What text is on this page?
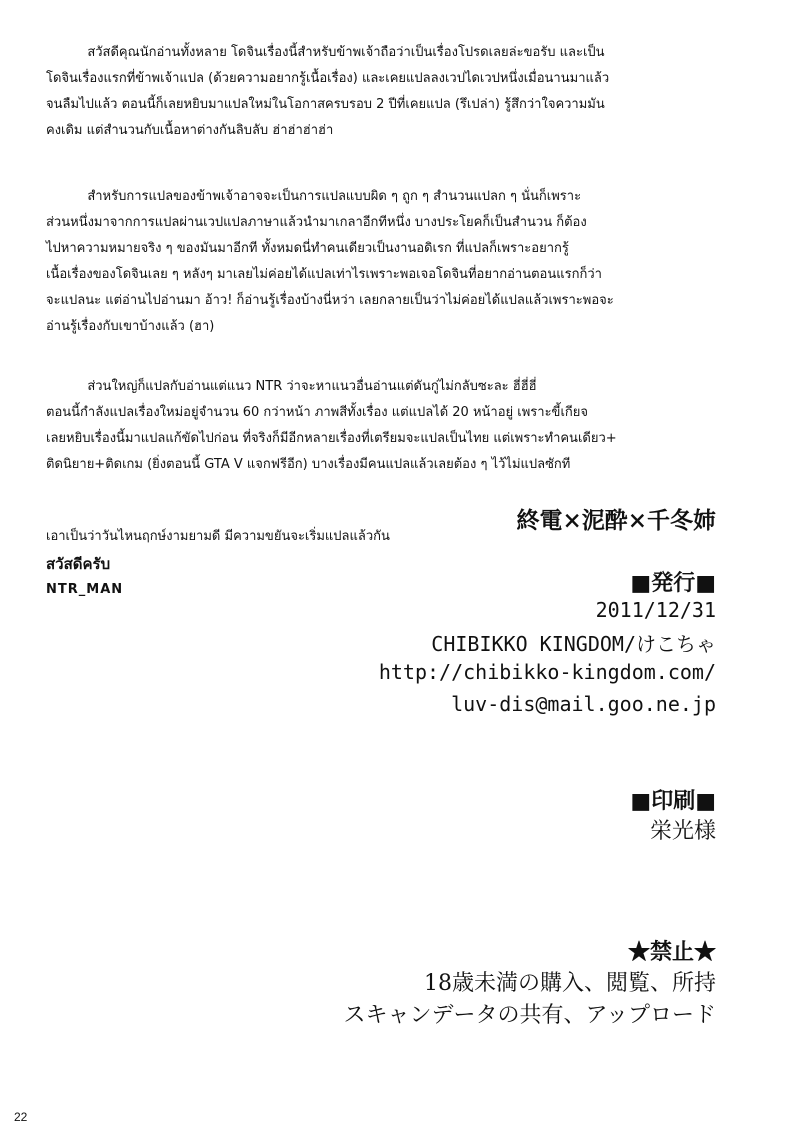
สวัสดีคุณนักอ่านทั้งหลาย โดจินเรื่องนี้สำหรับข้าพเจ้าถือว่าเป็นเรื่องโปรดเลยล่ะขอรับ และเป็น
โดจินเรื่องแรกที่ข้าพเจ้าแปล (ด้วยความอยากรู้เนื้อเรื่อง) และเคยแปลลงเวปไดเวปหนึ่งเมื่อนานมาแล้ว
จนลืมไปแล้ว ตอนนี้ก็เลยหยิบมาแปลใหม่ในโอกาสครบรอบ 2 ปีที่เคยแปล (รึเปล่า) รู้สึกว่าใจความมัน
คงเดิม แต่สำนวนกับเนื้อหาต่างกันลิบลับ ฮ่าฮ่าฮ่าฮ่า
สำหรับการแปลของข้าพเจ้าอาจจะเป็นการแปลแบบผิด ๆ ถูก ๆ สำนวนแปลก ๆ นั่นก็เพราะ
ส่วนหนึ่งมาจากการแปลผ่านเวปแปลภาษาแล้วนำมาเกลาอีกทีหนึ่ง บางประโยคก็เป็นสำนวน ก็ต้อง
ไปหาความหมายจริง ๆ ของมันมาอีกที ทั้งหมดนี่ทำคนเดียวเป็นงานอดิเรก ที่แปลก็เพราะอยากรู้
เนื้อเรื่องของโดจินเลย ๆ หลังๆ มาเลยไม่ค่อยได้แปลเท่าไรเพราะพอเจอโดจินที่อยากอ่านตอนแรกก็ว่า
จะแปลนะ แต่อ่านไปอ่านมา อ้าว! ก็อ่านรู้เรื่องบ้างนี่หว่า เลยกลายเป็นว่าไม่ค่อยได้แปลแล้วเพราะพอจะ
อ่านรู้เรื่องกับเขาบ้างแล้ว (ฮา)
ส่วนใหญ่ก็แปลกับอ่านแต่แนว NTR ว่าจะหาแนวอื่นอ่านแต่ดันกู่ไม่กลับซะละ ฮี่ฮี่ฮี่
ตอนนี้กำลังแปลเรื่องใหม่อยู่จำนวน 60 กว่าหน้า ภาพสีทั้งเรื่อง แต่แปลได้ 20 หน้าอยู่ เพราะขี้เกียจ
เลยหยิบเรื่องนี้มาแปลแก้ขัดไปก่อน ที่จริงก็มีอีกหลายเรื่องที่เตรียมจะแปลเป็นไทย แต่เพราะทำคนเดียว+
ติดนิยาย+ติดเกม (ยิ่งตอนนี้ GTA V แจกฟรีอีก) บางเรื่องมีคนแปลแล้วเลยต้อง ๆ ไว้ไม่แปลซักที
終電×泥酔×千冬姉
เอาเป็นว่าวันไหนฤกษ์งามยามดี มีความขยันจะเริ่มแปลแล้วกัน
สวัสดีครับ
NTR_MAN	■発行■
2011/12/31
CHIBIKKO KINGDOM/けこちゃ
http://chibikko-kingdom.com/
luv-dis@mail.goo.ne.jp
■印刷■
栄光様
★禁止★
18歳未満の購入、閲覧、所持
スキャンデータの共有、アップロード
22
